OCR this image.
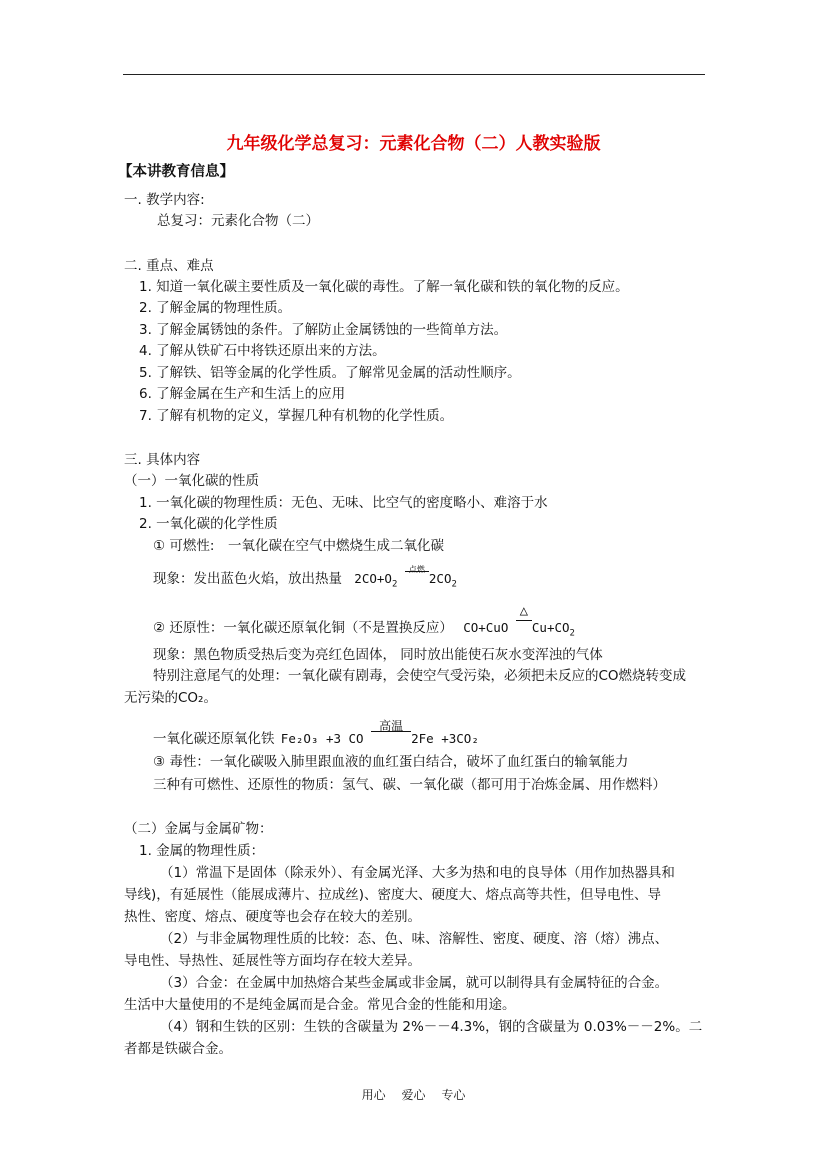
九年级化学总复习：元素化合物（二）人教实验版
【本讲教育信息】
一. 教学内容:
总复习：元素化合物（二）
二. 重点、难点
1. 知道一氧化碳主要性质及一氧化碳的毒性。了解一氧化碳和铁的氧化物的反应。
2. 了解金属的物理性质。
3. 了解金属锈蚀的条件。了解防止金属锈蚀的一些简单方法。
4. 了解从铁矿石中将铁还原出来的方法。
5. 了解铁、铝等金属的化学性质。了解常见金属的活动性顺序。
6. 了解金属在生产和生活上的应用
7. 了解有机物的定义，掌握几种有机物的化学性质。
三. 具体内容
（一）一氧化碳的性质
1. 一氧化碳的物理性质：无色、无味、比空气的密度略小、难溶于水
2. 一氧化碳的化学性质
① 可燃性:　一氧化碳在空气中燃烧生成二氧化碳
现象：发出蓝色火焰，放出热量 $2CO+O_2$
点燃
$2CO_2$
② 还原性：一氧化碳还原氧化铜（不是置换反应） CO+CuO
△
$Cu+CO_2$
现象：黑色物质受热后变为亮红色固体， 同时放出能使石灰水变浑浊的气体
特别注意尾气的处理：一氧化碳有剧毒，会使空气受污染，必须把未反应的CO燃烧转变成
无污染的CO₂。
一氧化碳还原氧化铁 Fe₂O₃ +3 CO
高温
2Fe +3CO₂
③ 毒性：一氧化碳吸入肺里跟血液的血红蛋白结合，破坏了血红蛋白的输氧能力
三种有可燃性、还原性的物质：氢气、碳、一氧化碳（都可用于冶炼金属、用作燃料）
（二）金属与金属矿物：
1. 金属的物理性质：
（1）常温下是固体（除汞外）、有金属光泽、大多为热和电的良导体（用作加热器具和
导线)，有延展性（能展成薄片、拉成丝)、密度大、硬度大、熔点高等共性，但导电性、导
热性、密度、熔点、硬度等也会存在较大的差别。
（2）与非金属物理性质的比较：态、色、味、溶解性、密度、硬度、溶（熔）沸点、
导电性、导热性、延展性等方面均存在较大差异。
（3）合金：在金属中加热熔合某些金属或非金属，就可以制得具有金属特征的合金。
生活中大量使用的不是纯金属而是合金。常见合金的性能和用途。
（4）钢和生铁的区别：生铁的含碳量为 2%－－4.3%，钢的含碳量为 0.03%－－2%。二
者都是铁碳合金。
用心 爱心 专心
